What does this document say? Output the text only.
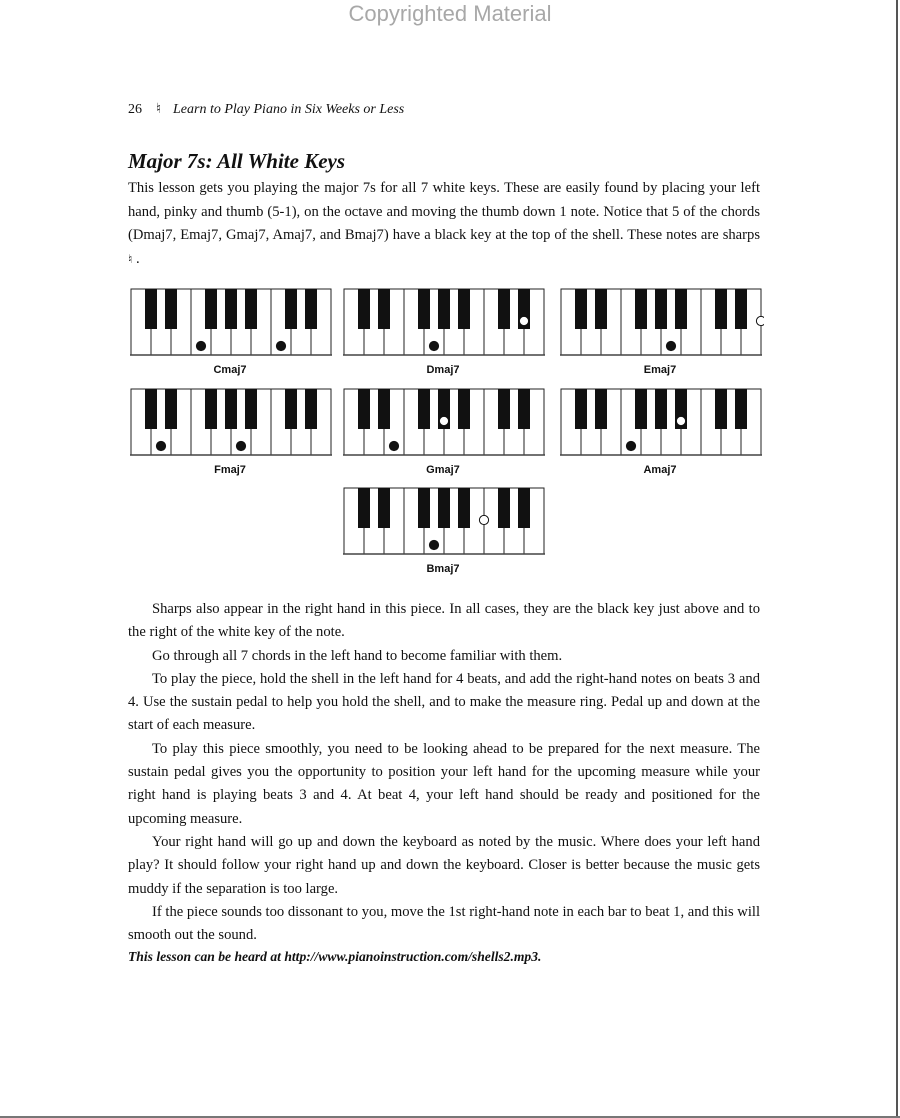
Copyrighted Material
26 ♮ Learn to Play Piano in Six Weeks or Less
Major 7s: All White Keys

This lesson gets you playing the major 7s for all 7 white keys. These are easily found by placing your left hand, pinky and thumb (5-1), on the octave and moving the thumb down 1 note. Notice that 5 of the chords (Dmaj7, Emaj7, Gmaj7, Amaj7, and Bmaj7) have a black key at the top of the shell. These notes are sharps ♮ .

Cmaj7	Dmaj7	Emaj7
Fmaj7	Gmaj7	Amaj7
Bmaj7

Sharps also appear in the right hand in this piece. In all cases, they are the black key just above and to the right of the white key of the note.

Go through all 7 chords in the left hand to become familiar with them.

To play the piece, hold the shell in the left hand for 4 beats, and add the right-hand notes on beats 3 and 4. Use the sustain pedal to help you hold the shell, and to make the measure ring. Pedal up and down at the start of each measure.

To play this piece smoothly, you need to be looking ahead to be prepared for the next measure. The sustain pedal gives you the opportunity to position your left hand for the upcoming measure while your right hand is playing beats 3 and 4. At beat 4, your left hand should be ready and positioned for the upcoming measure.

Your right hand will go up and down the keyboard as noted by the music. Where does your left hand play? It should follow your right hand up and down the keyboard. Closer is better because the music gets muddy if the separation is too large.

If the piece sounds too dissonant to you, move the 1st right-hand note in each bar to beat 1, and this will smooth out the sound.

This lesson can be heard at http://www.pianoinstruction.com/shells2.mp3.
